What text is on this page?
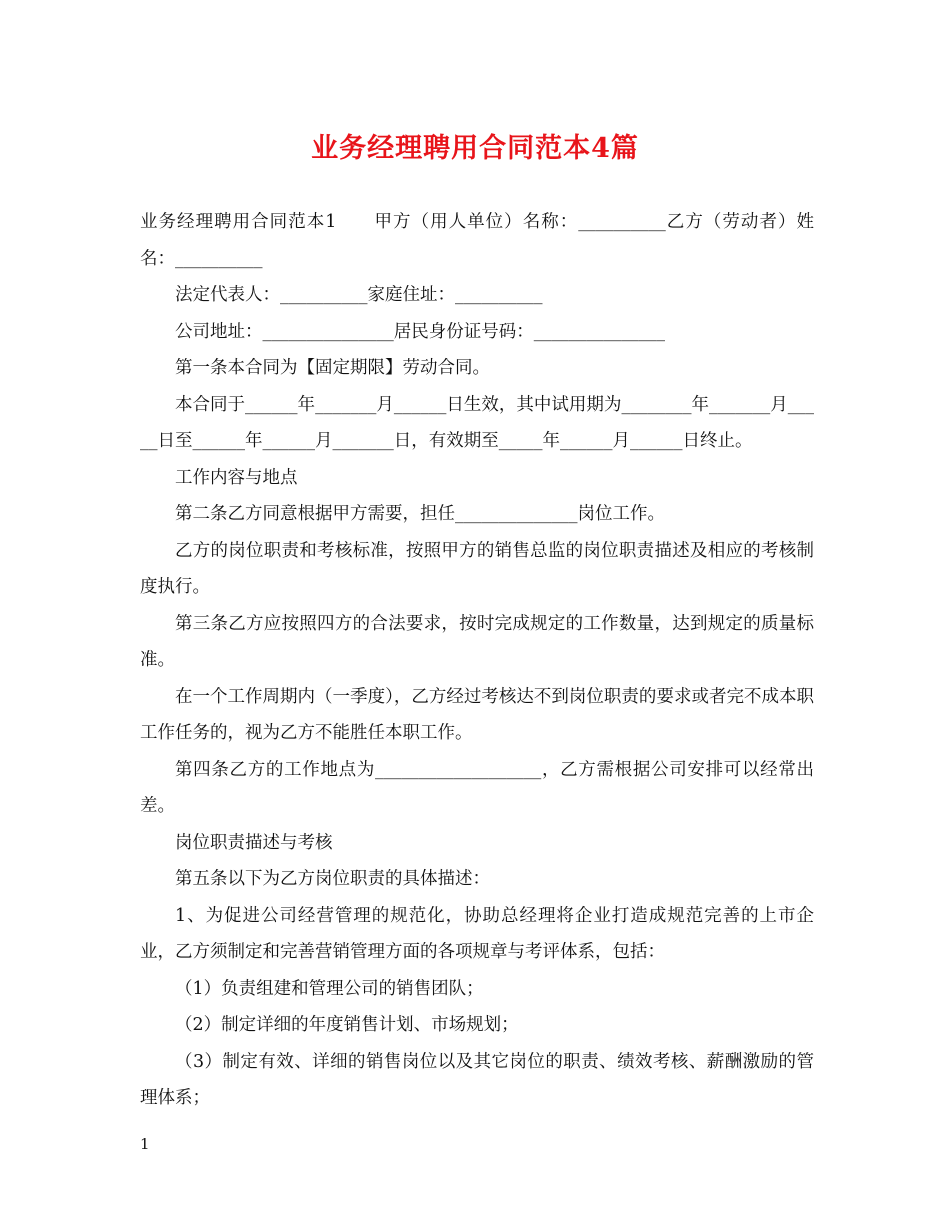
业务经理聘用合同范本4篇

业务经理聘用合同范本1　　甲方（用人单位）名称：__________乙方（劳动者）姓名：__________

法定代表人：__________家庭住址：__________

公司地址：_______________居民身份证号码：_______________

第一条本合同为【固定期限】劳动合同。

本合同于______年_______月______日生效，其中试用期为________年_______月_____日至______年______月_______日，有效期至_____年______月______日终止。

工作内容与地点

第二条乙方同意根据甲方需要，担任______________岗位工作。

乙方的岗位职责和考核标准，按照甲方的销售总监的岗位职责描述及相应的考核制度执行。

第三条乙方应按照四方的合法要求，按时完成规定的工作数量，达到规定的质量标准。

在一个工作周期内（一季度），乙方经过考核达不到岗位职责的要求或者完不成本职工作任务的，视为乙方不能胜任本职工作。

第四条乙方的工作地点为___________________，乙方需根据公司安排可以经常出差。

岗位职责描述与考核

第五条以下为乙方岗位职责的具体描述：

1、为促进公司经营管理的规范化，协助总经理将企业打造成规范完善的上市企业，乙方须制定和完善营销管理方面的各项规章与考评体系，包括：

（1）负责组建和管理公司的销售团队；

（2）制定详细的年度销售计划、市场规划；

（3）制定有效、详细的销售岗位以及其它岗位的职责、绩效考核、薪酬激励的管理体系；

1
